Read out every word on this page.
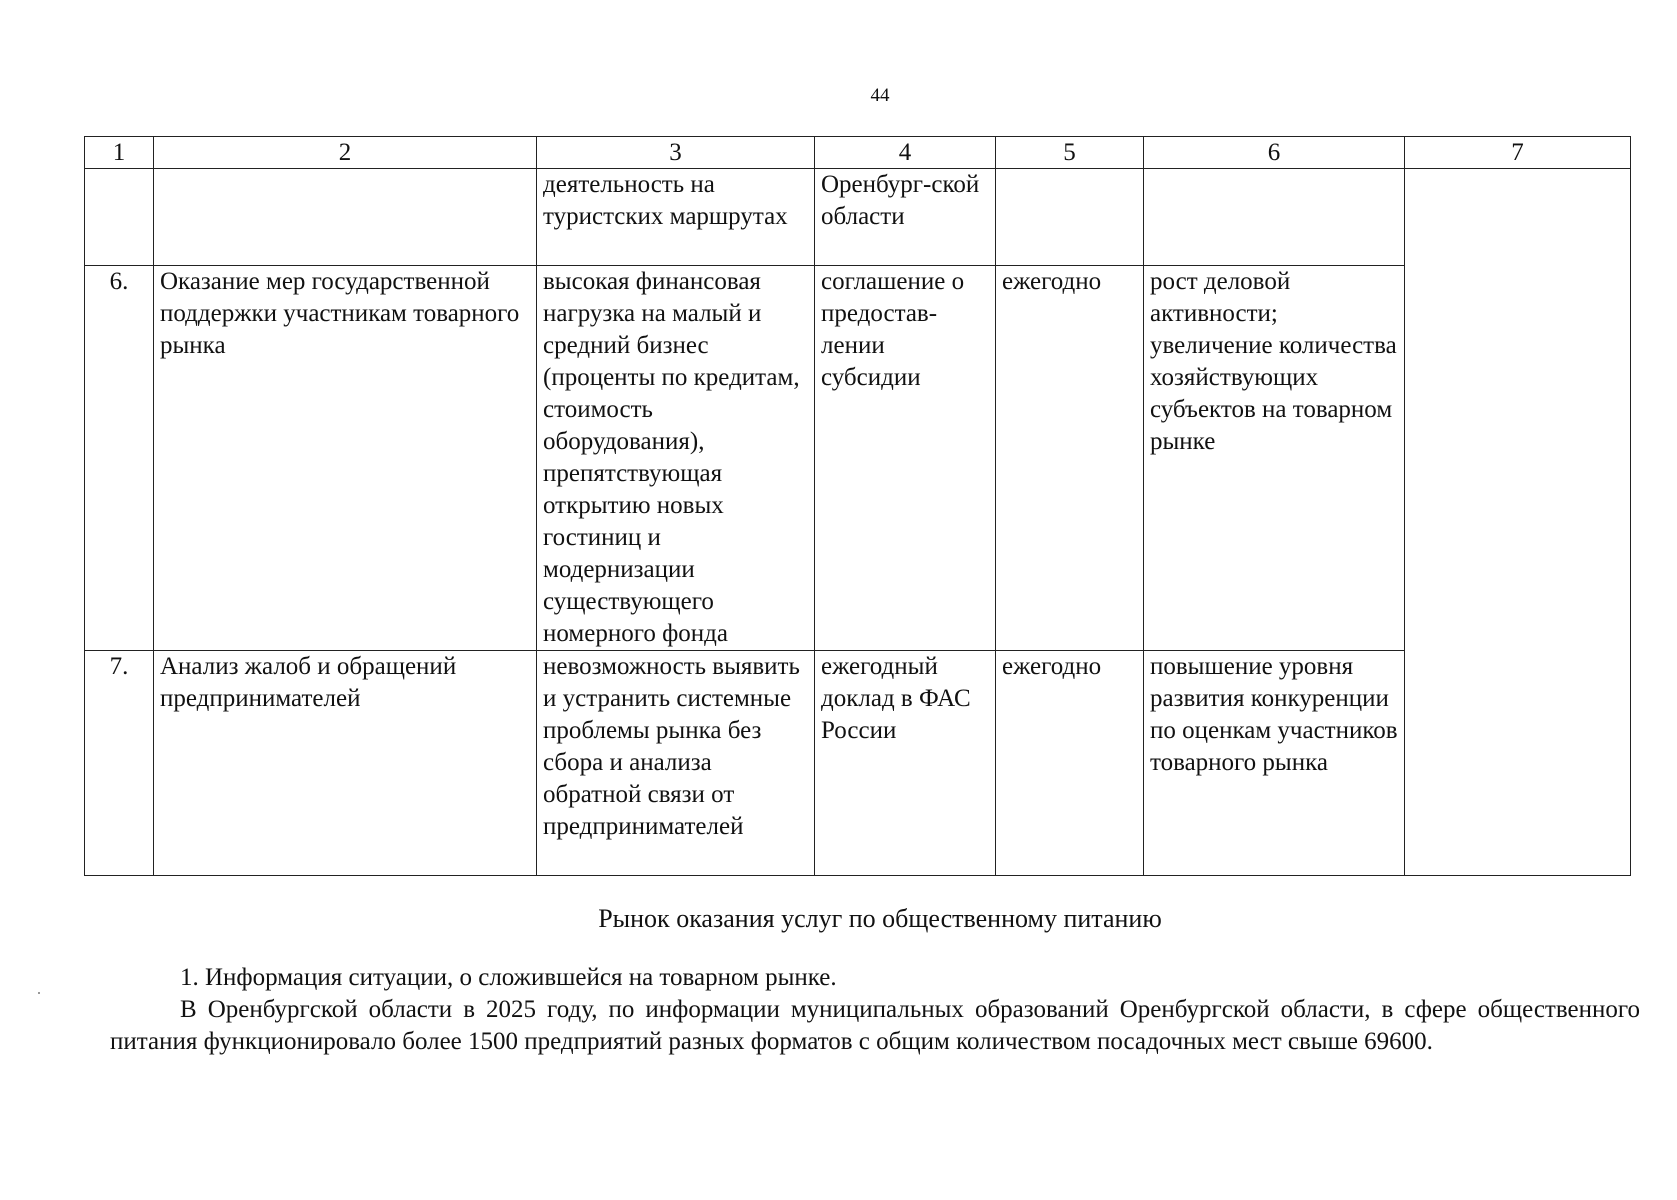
44
1	2	3	4	5	6	7
		деятельность на туристских маршрутах	Оренбург-ской области			
6.	Оказание мер государственной поддержки участникам товарного рынка	высокая финансовая нагрузка на малый и средний бизнес (проценты по кредитам, стоимость оборудования), препятствующая открытию новых гостиниц и модернизации существующего номерного фонда	соглашение о предостав-лении субсидии	ежегодно	рост деловой активности; увеличение количества хозяйствующих субъектов на товарном рынке	
7.	Анализ жалоб и обращений предпринимателей	невозможность выявить и устранить системные проблемы рынка без сбора и анализа обратной связи от предпринимателей	ежегодный доклад в ФАС России	ежегодно	повышение уровня развития конкуренции по оценкам участников товарного рынка	
Рынок оказания услуг по общественному питанию

1. Информация ситуации, о сложившейся на товарном рынке.

В Оренбургской области в 2025 году, по информации муниципальных образований Оренбургской области, в сфере общественного питания функционировало более 1500 предприятий разных форматов с общим количеством посадочных мест свыше 69600.
